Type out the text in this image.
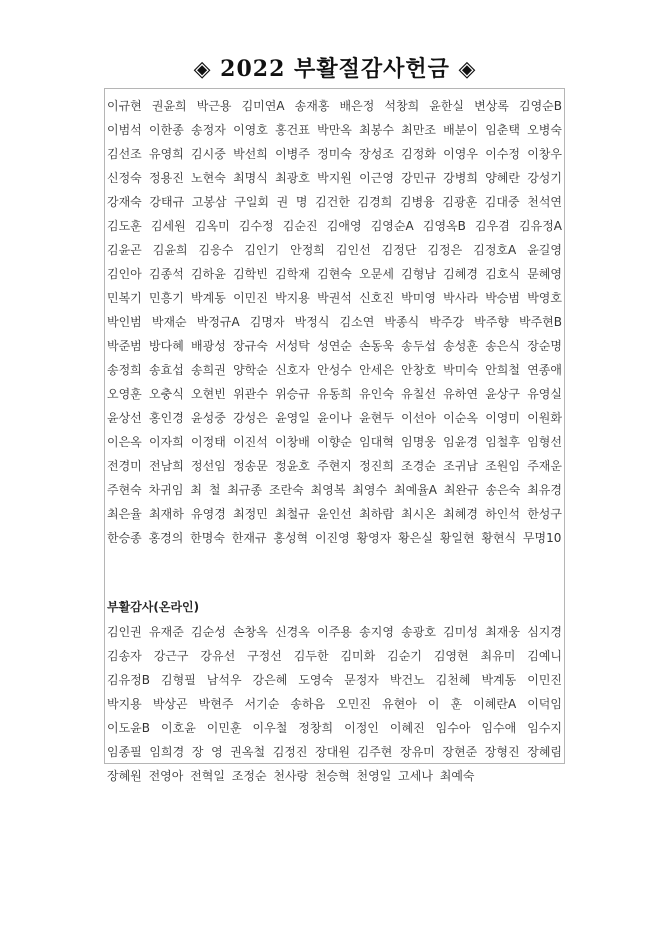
◈ 2022 부활절감사헌금 ◈
이규현 권윤희 박근용 김미연A 송재홍 배은정 석창희 윤한실 변상록 김영순B 이범석 이한종 송정자 이영호 홍건표 박만옥 최봉수 최만조 배분이 임춘택 오병숙 김선조 유영희 김시중 박선희 이병주 정미숙 장성조 김정화 이영우 이수정 이창우 신정숙 정용진 노현숙 최명식 최광호 박지원 이근영 강민규 강병희 양혜란 강성기 강재숙 강태규 고봉삼 구일회 권 명 김건한 김경희 김병융 김광훈 김대중 천석연 김도훈 김세원 김옥미 김수정 김순진 김애영 김영순A 김영옥B 김우겸 김유정A 김윤곤 김윤희 김응수 김인기 안정희 김인선 김정단 김정은 김정호A 윤길영 김인아 김종석 김하윤 김학빈 김학재 김현숙 오문세 김형남 김혜경 김호식 문혜영 민복기 민흥기 박계동 이민진 박지용 박권석 신호진 박미영 박사라 박승범 박영호 박인범 박재순 박정규A 김명자 박정식 김소연 박종식 박주강 박주향 박주현B 박준범 방다혜 배광성 장규숙 서성탁 성연순 손동욱 송두섭 송성훈 송은식 장순명 송정희 송효섭 송희권 양학순 신호자 안성수 안세은 안창호 박미숙 안희철 연종애 오영훈 오충식 오현빈 위관수 위승규 유동희 유인숙 유칠선 유하연 윤상구 유영실 윤상선 홍인경 윤성중 강성은 윤영일 윤이나 윤현두 이선아 이순옥 이영미 이원화 이은옥 이자희 이정태 이진석 이창배 이향순 임대혁 임명웅 임윤경 임철후 임형선 전경미 전남희 정선임 정송문 정윤호 주현지 정진희 조경순 조귀남 조원임 주재운 주현숙 차귀임 최 철 최규종 조란숙 최영복 최영수 최예율A 최완규 송은숙 최유경 최은율 최재하 유영경 최정민 최철규 윤인선 최하람 최시온 최혜경 하인석 한성구 한승종 홍경의 한명숙 한재규 홍성혁 이진영 황영자 황은실 황일현 황현식 무명10
부활감사(온라인)
김인권 유재준 김순성 손창옥 신경옥 이주용 송지영 송광호 김미성 최재웅 심지경 김송자 강근구 강유선 구정선 김두한 김미화 김순기 김영현 최유미 김예니 김유정B 김형필 남석우 강은혜 도영숙 문정자 박건노 김천혜 박계동 이민진 박지용 박상곤 박현주 서기순 송하음 오민진 유현아 이 훈 이혜란A 이덕임 이도윤B 이호윤 이민훈 이우철 정창희 이정인 이혜진 임수아 임수애 임수지 임종필 임희경 장 영 권옥철 김정진 장대원 김주현 장유미 장현준 장형진 장혜림 장혜원 전영아 전혁일 조정순 천사랑 천승혁 천영일 고세나 최예숙
